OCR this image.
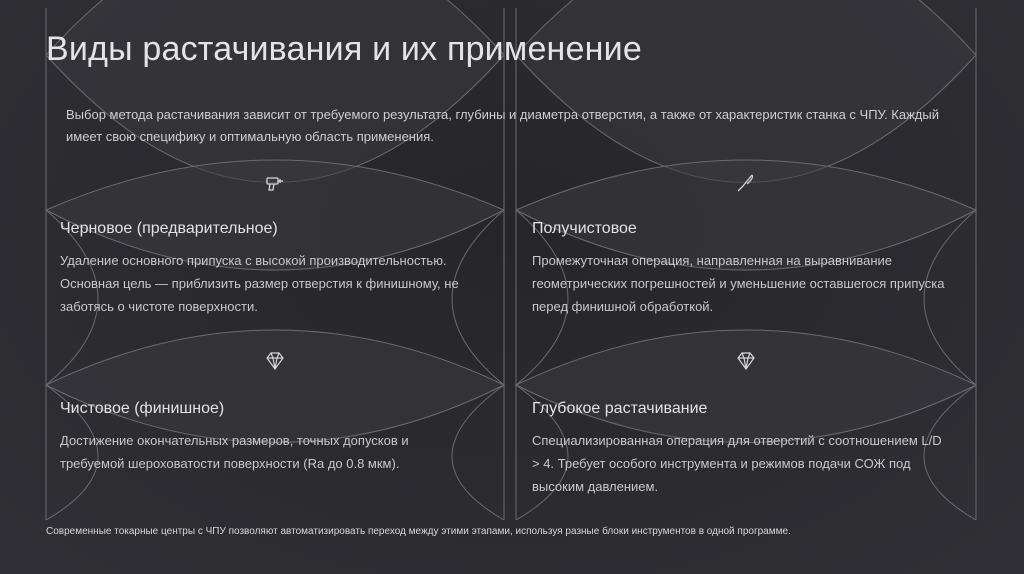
Виды растачивания и их применение
Выбор метода растачивания зависит от требуемого результата, глубины и диаметра отверстия, а также от характеристик станка с ЧПУ. Каждый имеет свою специфику и оптимальную область применения.
Черновое (предварительное)
Удаление основного припуска с высокой производительностью. Основная цель — приблизить размер отверстия к финишному, не заботясь о чистоте поверхности.
Получистовое
Промежуточная операция, направленная на выравнивание геометрических погрешностей и уменьшение оставшегося припуска перед финишной обработкой.
Чистовое (финишное)
Достижение окончательных размеров, точных допусков и требуемой шероховатости поверхности (Ra до 0.8 мкм).
Глубокое растачивание
Специализированная операция для отверстий с соотношением L/D > 4. Требует особого инструмента и режимов подачи СОЖ под высоким давлением.
Современные токарные центры с ЧПУ позволяют автоматизировать переход между этими этапами, используя разные блоки инструментов в одной программе.
